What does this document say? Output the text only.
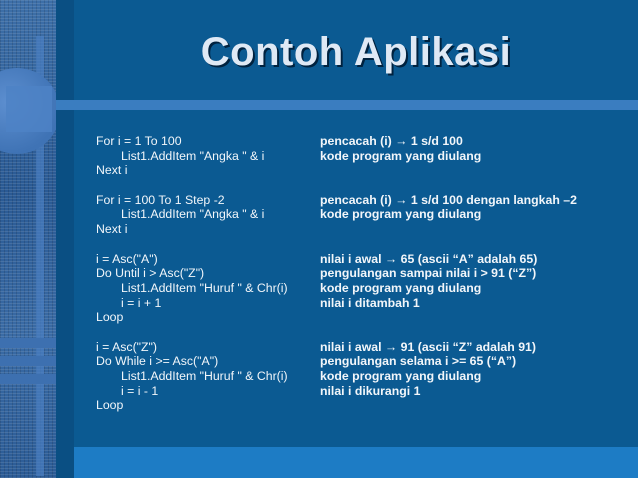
Contoh Aplikasi
For i = 1 To 100	pencacah (i) → 1 s/d 100
List1.AddItem "Angka " & i	kode program yang diulang
Next i
For i = 100 To 1 Step -2	pencacah (i) → 1 s/d 100 dengan langkah –2
List1.AddItem "Angka " & i	kode program yang diulang
Next i
i = Asc("A")	nilai i awal → 65 (ascii “A” adalah 65)
Do Until i > Asc("Z")	pengulangan sampai nilai i > 91 (“Z”)
List1.AddItem "Huruf " & Chr(i)	kode program yang diulang
i = i + 1	nilai i ditambah 1
Loop
i = Asc("Z")	nilai i awal → 91 (ascii “Z” adalah 91)
Do While i >= Asc("A")	pengulangan selama i >= 65 (“A”)
List1.AddItem "Huruf " & Chr(i)	kode program yang diulang
i = i - 1	nilai i dikurangi 1
Loop
